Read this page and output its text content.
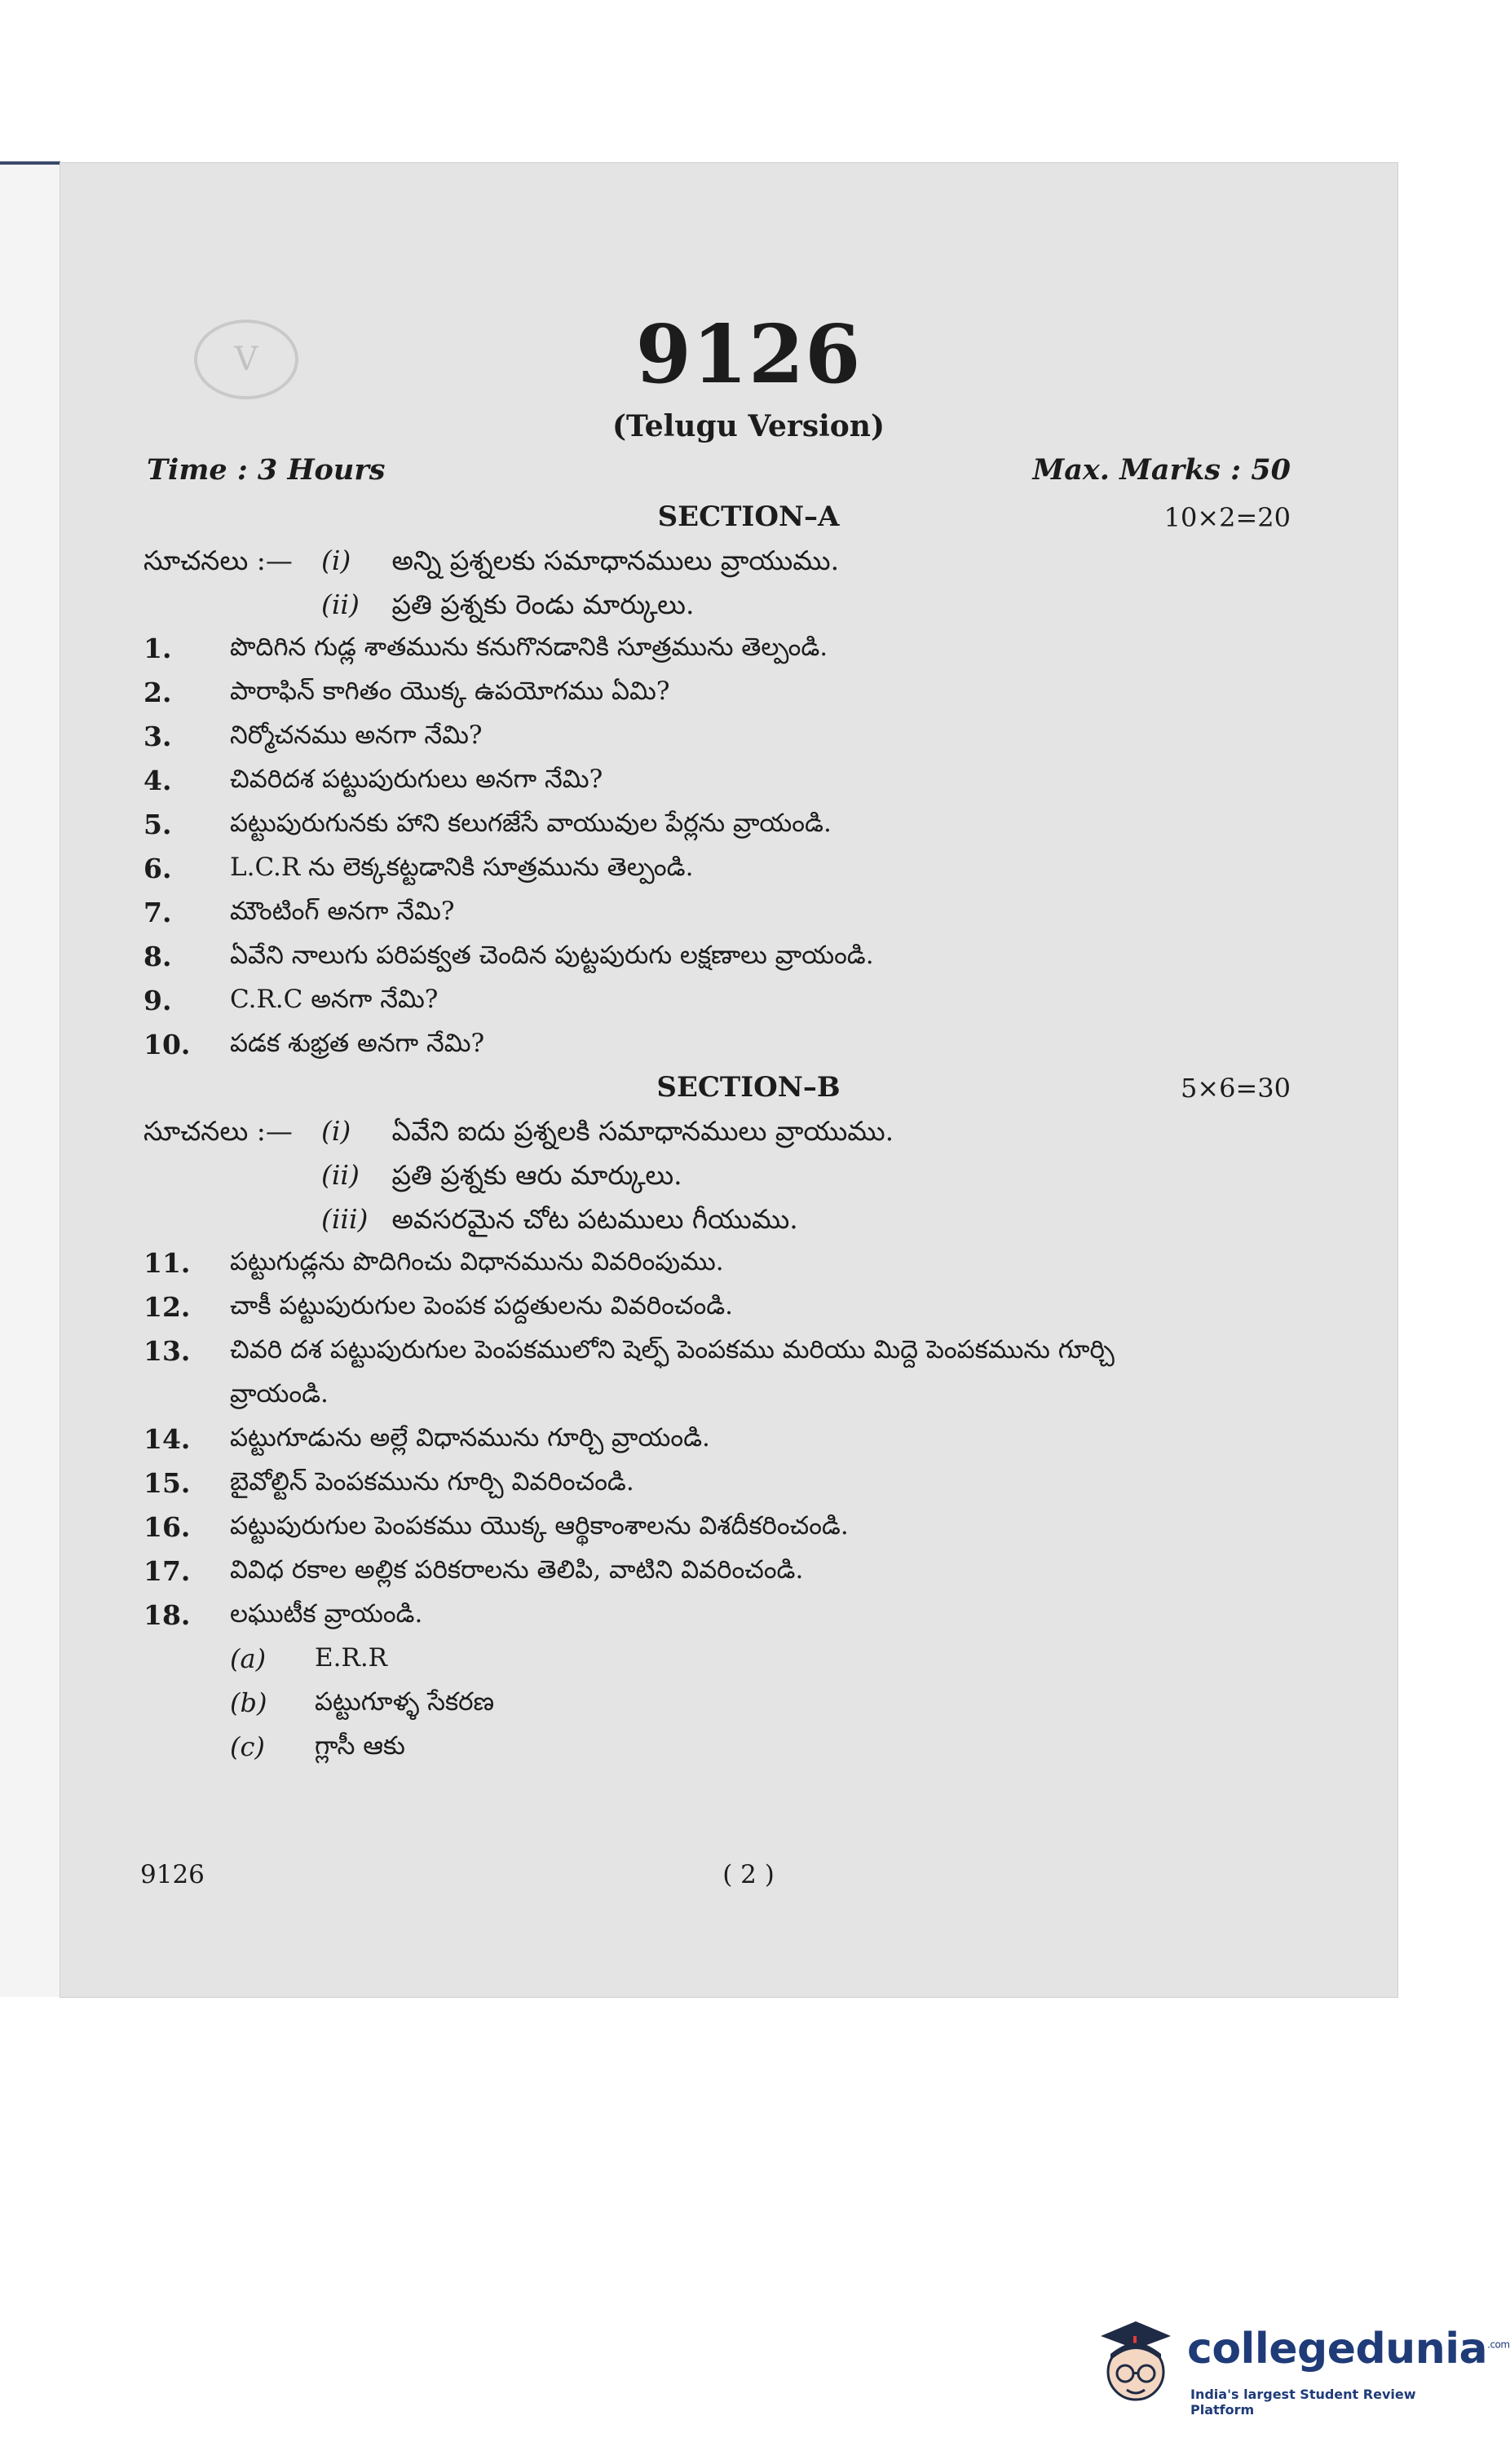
V	9126
(Telugu Version)
Time : 3 Hours	Max. Marks : 50
SECTION–A	10×2=20
సూచనలు :— (i) అన్ని ప్రశ్నలకు సమాధానములు వ్రాయుము.
(ii) ప్రతి ప్రశ్నకు రెండు మార్కులు.
1. పొదిగిన గుడ్ల శాతమును కనుగొనడానికి సూత్రమును తెల్పండి.
2. పారాఫిన్ కాగితం యొక్క ఉపయోగము ఏమి?
3. నిర్మోచనము అనగా నేమి?
4. చివరిదశ పట్టుపురుగులు అనగా నేమి?
5. పట్టుపురుగునకు హాని కలుగజేసే వాయువుల పేర్లను వ్రాయండి.
6. L.C.R ను లెక్కకట్టడానికి సూత్రమును తెల్పండి.
7. మౌంటింగ్ అనగా నేమి?
8. ఏవేని నాలుగు పరిపక్వత చెందిన పుట్టపురుగు లక్షణాలు వ్రాయండి.
9. C.R.C అనగా నేమి?
10. పడక శుభ్రత అనగా నేమి?
SECTION–B	5×6=30
సూచనలు :— (i) ఏవేని ఐదు ప్రశ్నలకి సమాధానములు వ్రాయుము.
(ii) ప్రతి ప్రశ్నకు ఆరు మార్కులు.
(iii) అవసరమైన చోట పటములు గీయుము.
11. పట్టుగుడ్లను పొదిగించు విధానమును వివరింపుము.
12. చాకీ పట్టుపురుగుల పెంపక పద్దతులను వివరించండి.
13. చివరి దశ పట్టుపురుగుల పెంపకములోని షెల్ఫ్ పెంపకము మరియు మిద్దె పెంపకమును గూర్చి
వ్రాయండి.
14. పట్టుగూడును అల్లే విధానమును గూర్చి వ్రాయండి.
15. బైవోల్టిన్ పెంపకమును గూర్చి వివరించండి.
16. పట్టుపురుగుల పెంపకము యొక్క ఆర్థికాంశాలను విశదీకరించండి.
17. వివిధ రకాల అల్లిక పరికరాలను తెలిపి, వాటిని వివరించండి.
18. లఘుటీక వ్రాయండి.
(a) E.R.R
(b) పట్టుగూళ్ళ సేకరణ
(c) గ్లాసీ ఆకు
9126	( 2 )
collegedunia$^{.com}$
India's largest Student Review Platform
